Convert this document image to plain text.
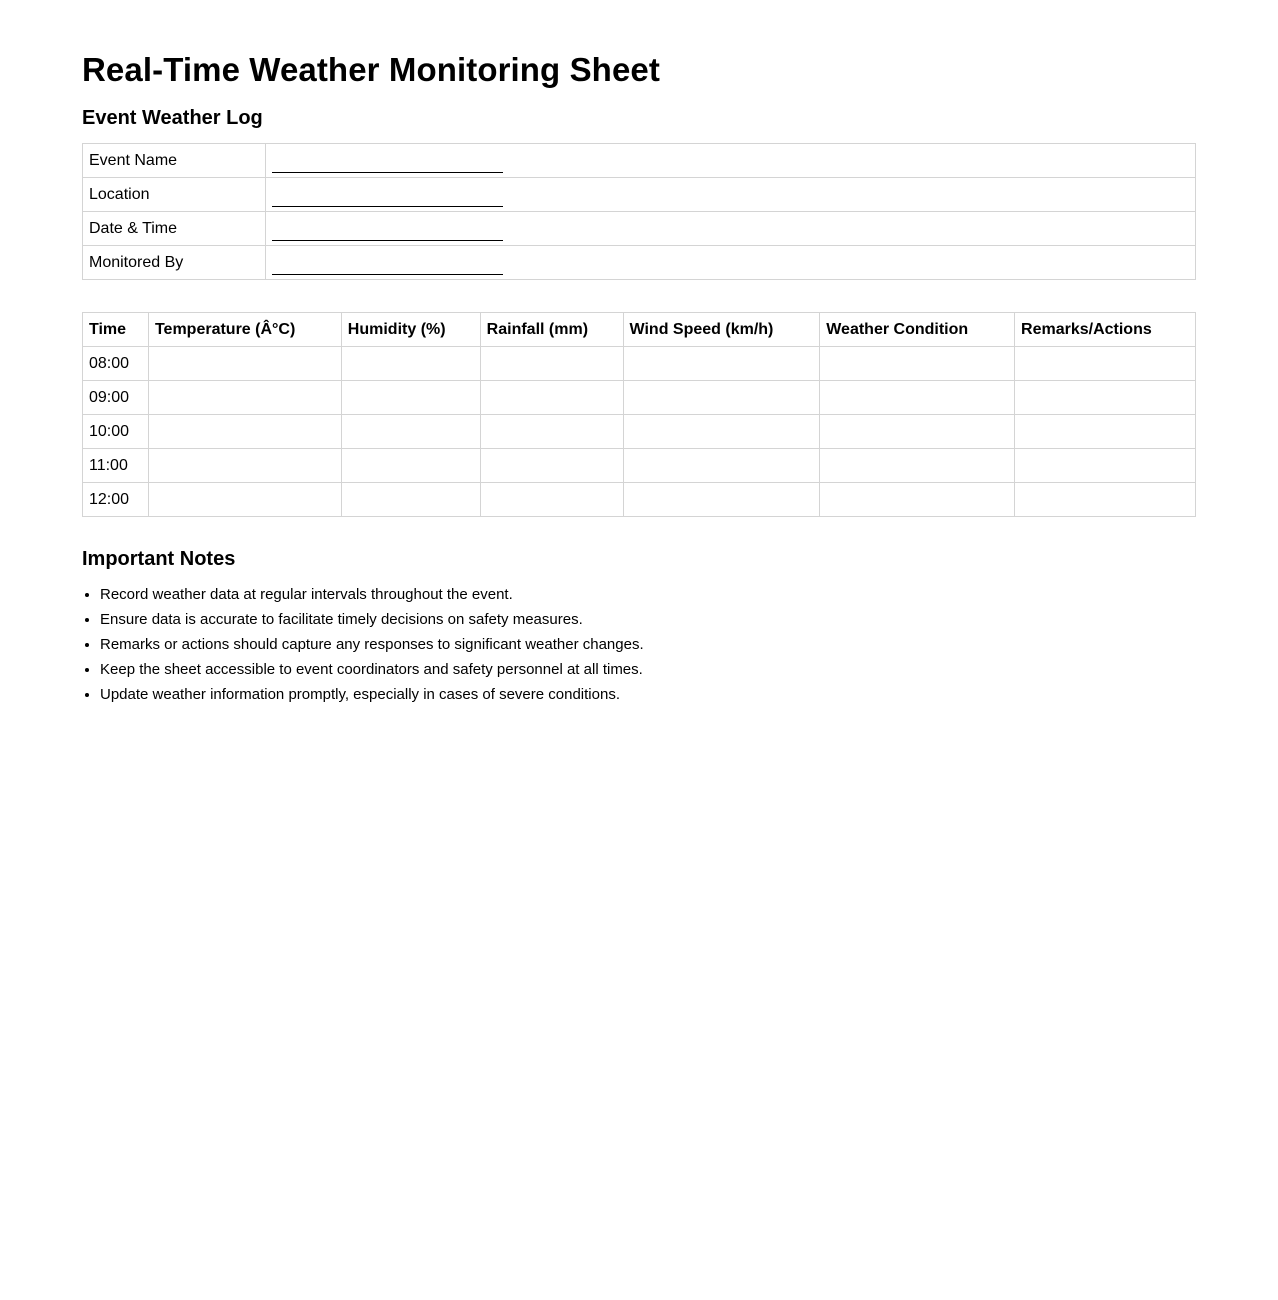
Real-Time Weather Monitoring Sheet
Event Weather Log
Event Name	
Location	
Date & Time	
Monitored By	
Time	Temperature (Â°C)	Humidity (%)	Rainfall (mm)	Wind Speed (km/h)	Weather Condition	Remarks/Actions
08:00						
09:00						
10:00						
11:00						
12:00						
Important Notes
• Record weather data at regular intervals throughout the event.
• Ensure data is accurate to facilitate timely decisions on safety measures.
• Remarks or actions should capture any responses to significant weather changes.
• Keep the sheet accessible to event coordinators and safety personnel at all times.
• Update weather information promptly, especially in cases of severe conditions.
